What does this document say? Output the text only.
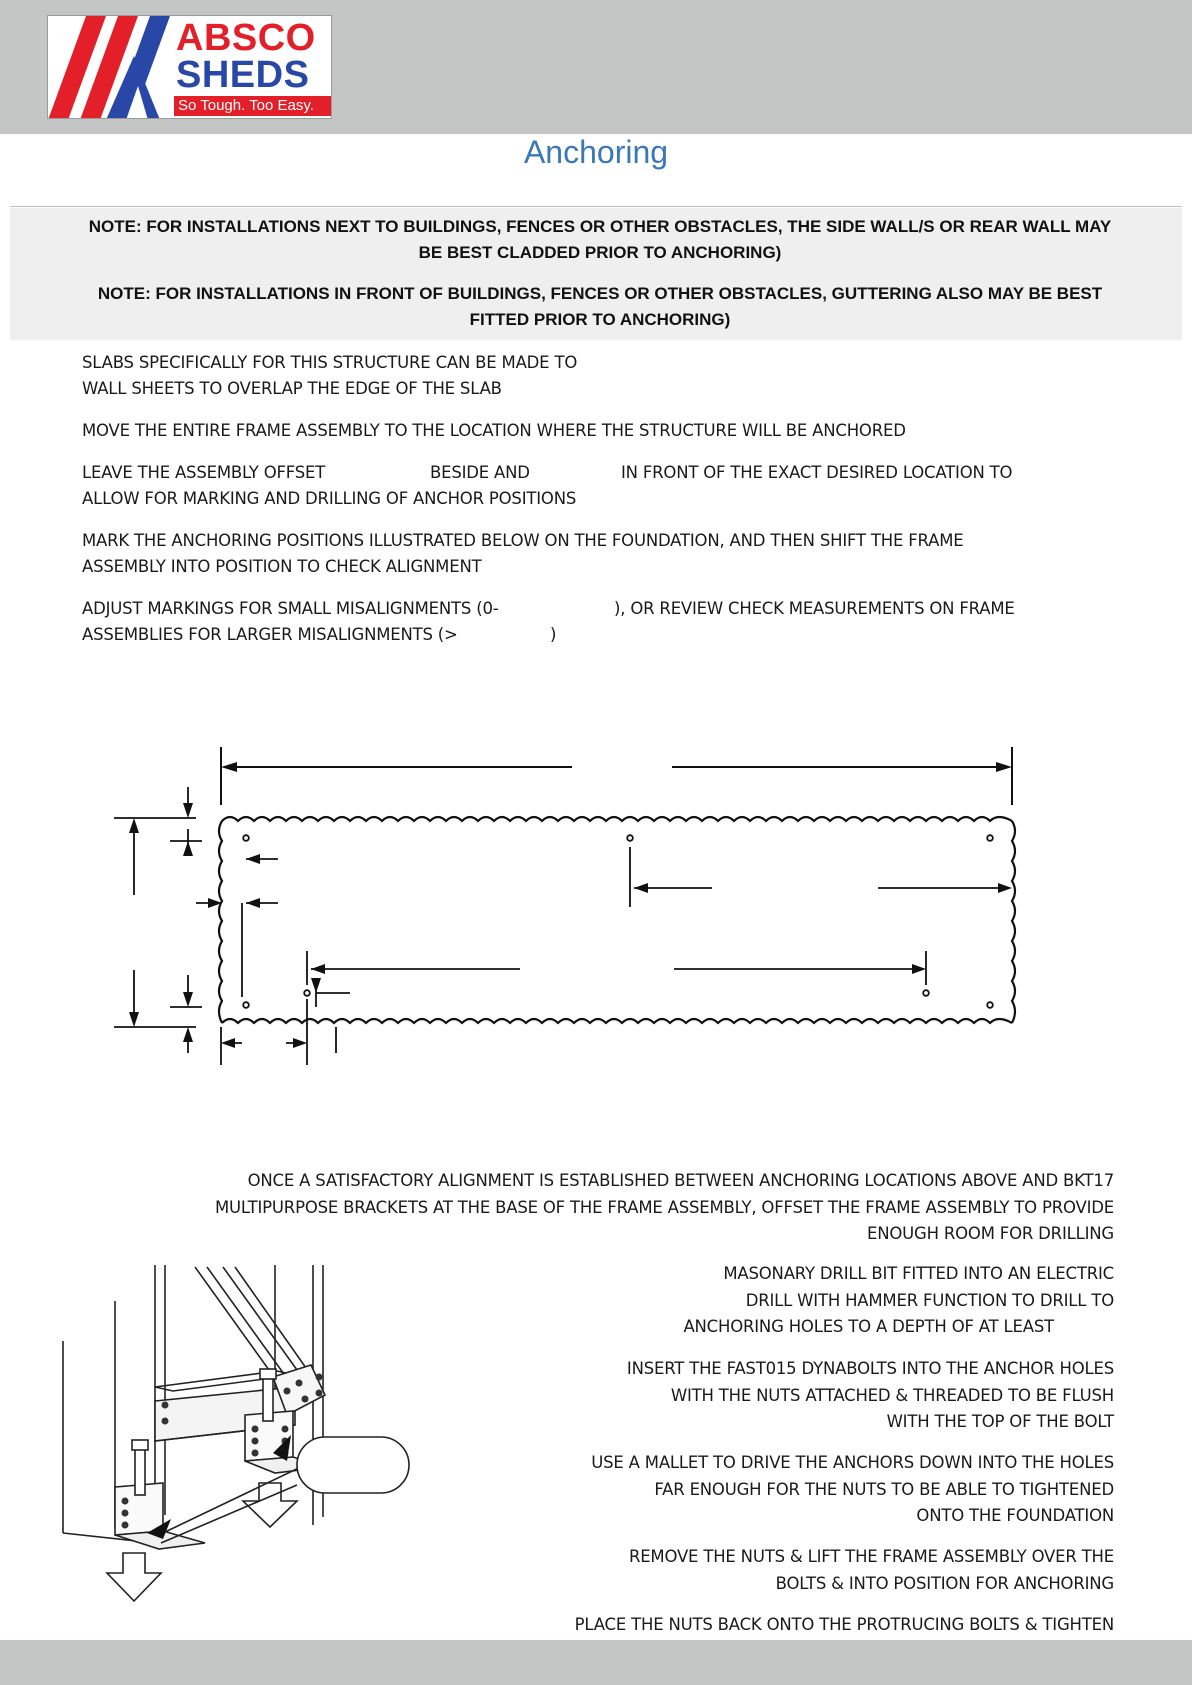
ABSCO
SHEDS
So Tough. Too Easy.
Anchoring
NOTE: FOR INSTALLATIONS NEXT TO BUILDINGS, FENCES OR OTHER OBSTACLES, THE SIDE WALL/S OR REAR WALL MAY BE BEST CLADDED PRIOR TO ANCHORING)
NOTE: FOR INSTALLATIONS IN FRONT OF BUILDINGS, FENCES OR OTHER OBSTACLES, GUTTERING ALSO MAY BE BEST FITTED PRIOR TO ANCHORING)
SLABS SPECIFICALLY FOR THIS STRUCTURE CAN BE MADE TO
WALL SHEETS TO OVERLAP THE EDGE OF THE SLAB
MOVE THE ENTIRE FRAME ASSEMBLY TO THE LOCATION WHERE THE STRUCTURE WILL BE ANCHORED
LEAVE THE ASSEMBLY OFFSET	BESIDE AND	IN FRONT OF THE EXACT DESIRED LOCATION TO
ALLOW FOR MARKING AND DRILLING OF ANCHOR POSITIONS
MARK THE ANCHORING POSITIONS ILLUSTRATED BELOW ON THE FOUNDATION, AND THEN SHIFT THE FRAME
ASSEMBLY INTO POSITION TO CHECK ALIGNMENT
ADJUST MARKINGS FOR SMALL MISALIGNMENTS (0-	), OR REVIEW CHECK MEASUREMENTS ON FRAME
ASSEMBLIES FOR LARGER MISALIGNMENTS (>	)
ONCE A SATISFACTORY ALIGNMENT IS ESTABLISHED BETWEEN ANCHORING LOCATIONS ABOVE AND BKT17
MULTIPURPOSE BRACKETS AT THE BASE OF THE FRAME ASSEMBLY, OFFSET THE FRAME ASSEMBLY TO PROVIDE
ENOUGH ROOM FOR DRILLING
MASONARY DRILL BIT FITTED INTO AN ELECTRIC
DRILL WITH HAMMER FUNCTION TO DRILL TO
ANCHORING HOLES TO A DEPTH OF AT LEAST
INSERT THE FAST015 DYNABOLTS INTO THE ANCHOR HOLES
WITH THE NUTS ATTACHED & THREADED TO BE FLUSH
WITH THE TOP OF THE BOLT
USE A MALLET TO DRIVE THE ANCHORS DOWN INTO THE HOLES
FAR ENOUGH FOR THE NUTS TO BE ABLE TO TIGHTENED
ONTO THE FOUNDATION
REMOVE THE NUTS & LIFT THE FRAME ASSEMBLY OVER THE
BOLTS & INTO POSITION FOR ANCHORING
PLACE THE NUTS BACK ONTO THE PROTRUCING BOLTS & TIGHTEN
